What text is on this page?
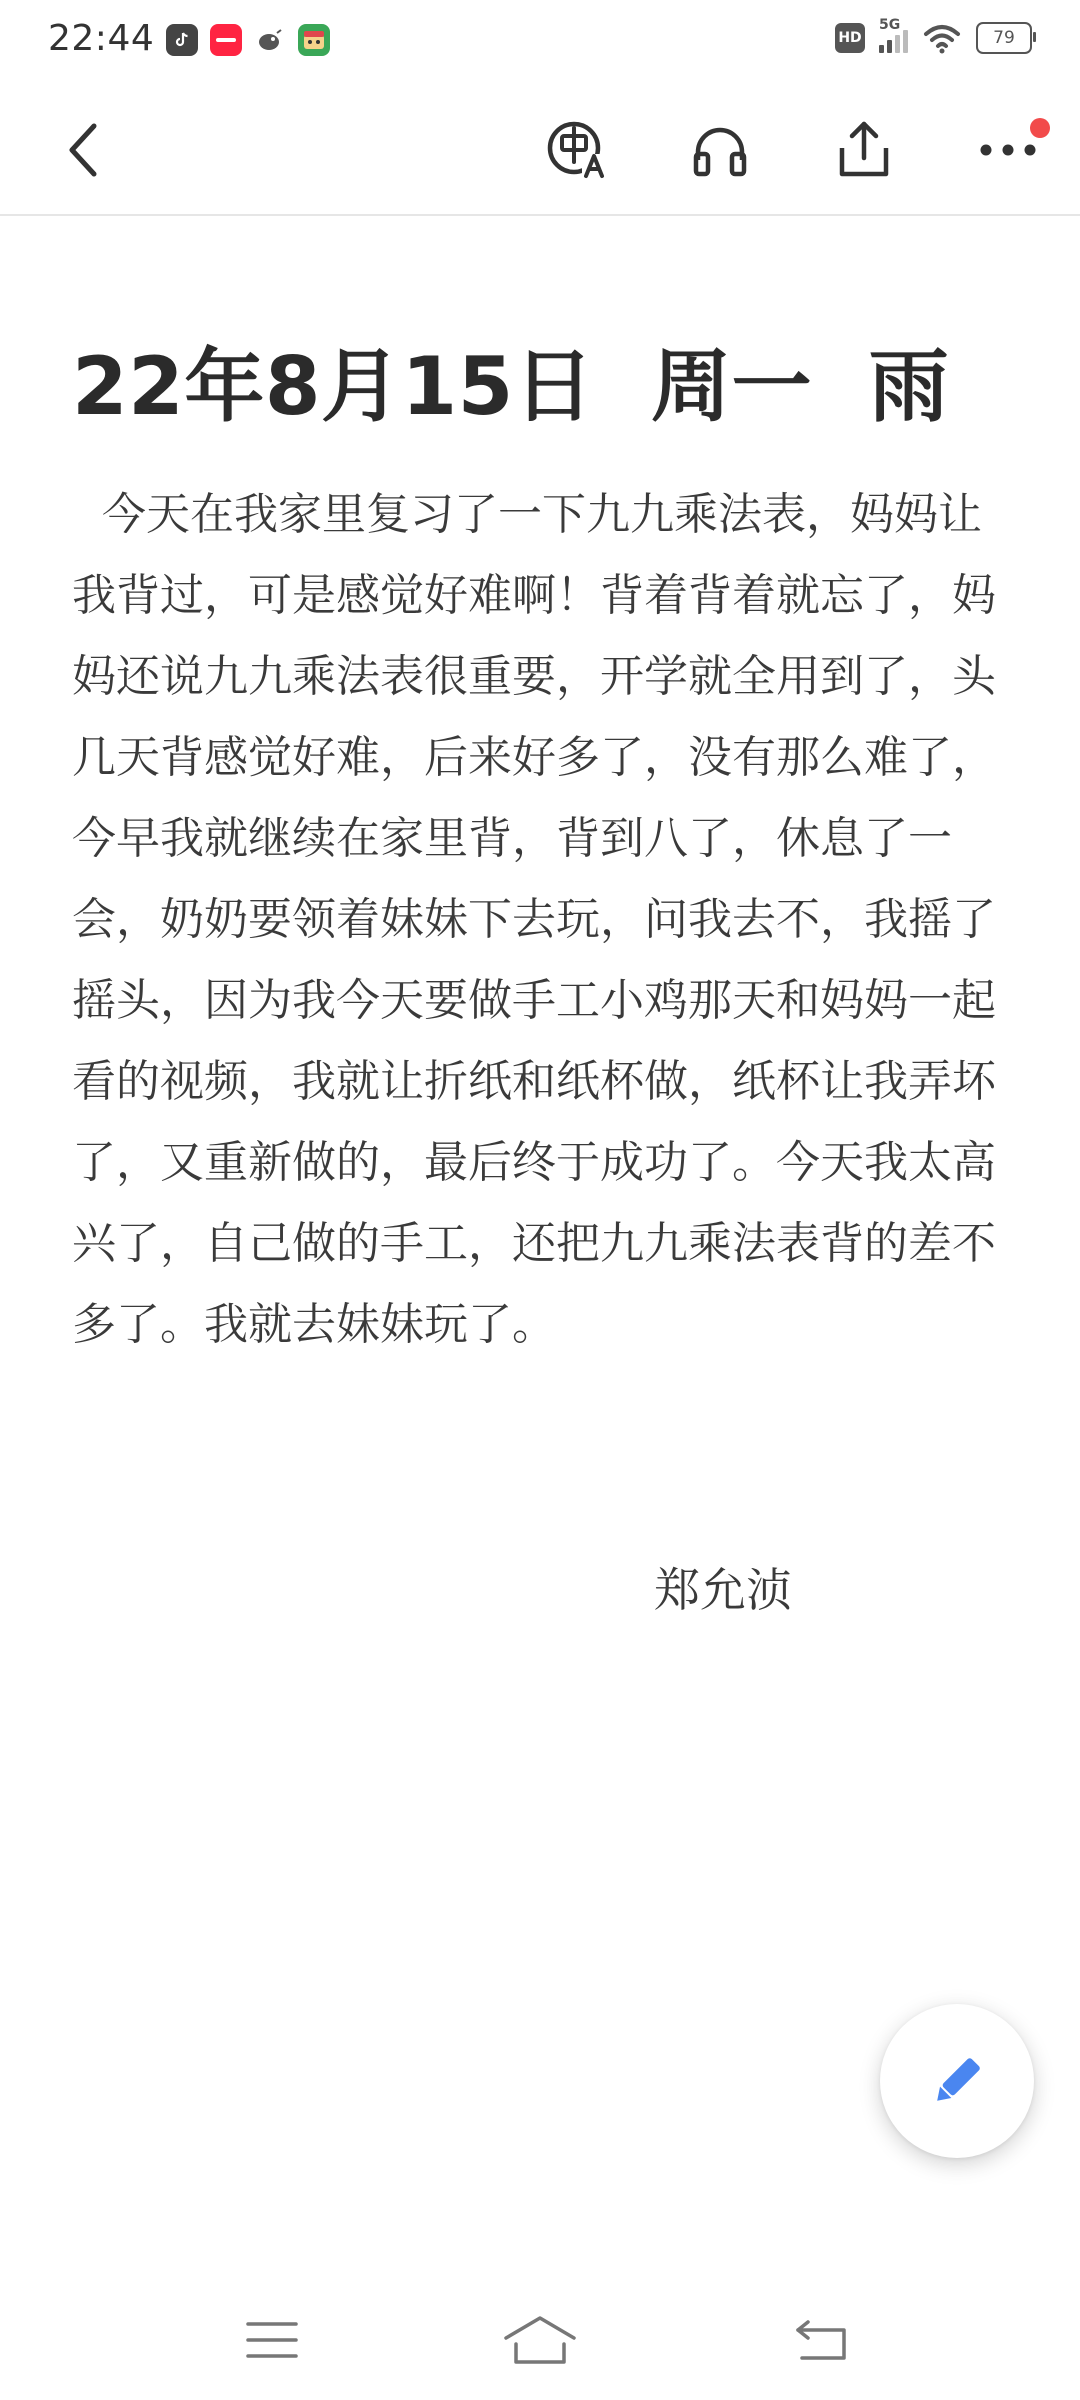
22:44	HD
5G
79
22年8月15日  周一  雨
今天在我家里复习了一下九九乘法表，妈妈让我背过，可是感觉好难啊！背着背着就忘了，妈妈还说九九乘法表很重要，开学就全用到了，头几天背感觉好难，后来好多了，没有那么难了，今早我就继续在家里背，背到八了，休息了一会，奶奶要领着妹妹下去玩，问我去不，我摇了摇头，因为我今天要做手工小鸡那天和妈妈一起看的视频，我就让折纸和纸杯做，纸杯让我弄坏了，又重新做的，最后终于成功了。今天我太高兴了，自己做的手工，还把九九乘法表背的差不多了。我就去妹妹玩了。
郑允浈
